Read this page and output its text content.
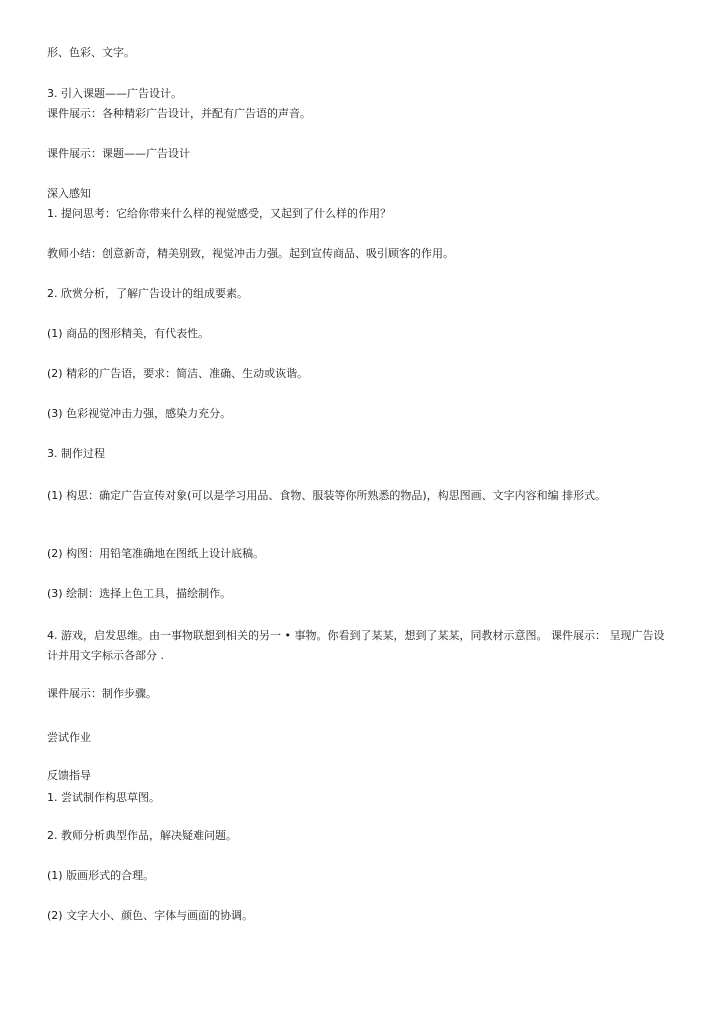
形、色彩、文字。
3. 引入课题——广告设计。
课件展示：各种精彩广告设计，并配有广告语的声音。
课件展示：课题——广告设计
深入感知
1. 提问思考：它给你带来什么样的视觉感受，又起到了什么样的作用？
教师小结：创意新奇，精美别致，视觉冲击力强。起到宣传商品、吸引顾客的作用。
2. 欣赏分析，了解广告设计的组成要素。
(1) 商品的图形精美，有代表性。
(2) 精彩的广告语，要求：简洁、准确、生动或诙谐。
(3) 色彩视觉冲击力强，感染力充分。
3. 制作过程
(1) 构思：确定广告宣传对象(可以是学习用品、食物、服装等你所熟悉的物品)，构思图画、文字内容和编 排形式。
(2) 构图：用铅笔准确地在图纸上设计底稿。
(3) 绘制：选择上色工具，描绘制作。
4. 游戏，启发思维。由一事物联想到相关的另一 • 事物。你看到了某某，想到了某某，同教材示意图。 课件展示： 呈现广告设计并用文字标示各部分 .
课件展示：制作步骤。
尝试作业
反馈指导
1. 尝试制作构思草图。
2. 教师分析典型作品，解决疑难问题。
(1) 版画形式的合理。
(2) 文字大小、颜色、字体与画面的协调。
